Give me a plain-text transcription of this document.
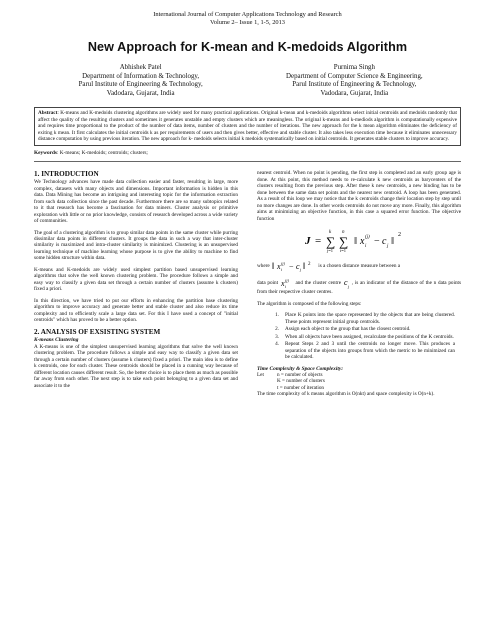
International Journal of Computer Applications Technology and Research
Volume 2– Issue 1, 1-5, 2013
New Approach for K-mean and K-medoids Algorithm
Abhishek Patel
Department of Information & Technology,
Parul Institute of Engineering & Technology,
Vadodara, Gujarat, India
Purnima Singh
Department of Computer Science & Engineering,
Parul Institute of Engineering & Technology,
Vadodara, Gujarat, India
Abstract: K-means and K-medoids clustering algorithms are widely used for many practical applications. Original k-mean and k-medoids algorithms select initial centroids and medoids randomly that affect the quality of the resulting clusters and sometimes it generates unstable and empty clusters which are meaningless. The original k-means and k-mediods algorithm is computationally expensive and requires time proportional to the product of the number of data items, number of clusters and the number of iterations. The new approach for the k mean algorithm eliminates the deficiency of exiting k mean. It first calculates the initial centroids k as per requirements of users and then gives better, effective and stable cluster. It also takes less execution time because it eliminates unnecessary distance computation by using previous iteration. The new approach for k- medoids selects initial k medoids systematically based on initial centroids. It generates stable clusters to improve accuracy.
Keywords: K-means; K-medoids; centroids; clusters;
1. INTRODUCTION

We Technology advances have made data collection easier and faster, resulting in large, more complex, datasets with many objects and dimensions. Important information is hidden in this data. Data Mining has become an intriguing and interesting topic for the information extraction from such data collection since the past decade. Furthermore there are so many subtopics related to it that research has become a fascination for data miners. Cluster analysis or primitive exploration with little or no prior knowledge, consists of research developed across a wide variety of communities.

The goal of a clustering algorithm is to group similar data points in the same cluster while purring dissimilar data points in different clusters. It groups the data in such a way that inter-cluster similarity is maximized and intra-cluster similarity is minimized. Clustering is an unsupervised learning technique of machine learning whose purpose is to give the ability to machine to find some hidden structure within data.

K-means and K-medoids are widely used simplest partition based unsupervised learning algorithms that solve the well known clustering problem. The procedure follows a simple and easy way to classify a given data set through a certain number of clusters (assume k clusters) fixed a priori.

In this direction, we have tried to put our efforts in enhancing the partition base clustering algorithm to improve accuracy and generate better and stable cluster and also reduce its time complexity and to efficiently scale a large data set. For this I have used a concept of "initial centroids" which has proved to be a better option.

2. ANALYSIS OF EXSISTING SYSTEM
K-means Clustering

A K-means is one of the simplest unsupervised learning algorithms that solve the well known clustering problem. The procedure follows a simple and easy way to classify a given data set through a certain number of clusters (assume k clusters) fixed a priori. The main idea is to define k centroids, one for each cluster. These centroids should be placed in a cunning way because of different location causes different result. So, the better choice is to place them as much as possible far away from each other. The next step is to take each point belonging to a given data set and associate it to the

nearest centroid. When no point is pending, the first step is completed and an early group age is done. At this point, this method needs to re-calculate k new centroids as barycenters of the clusters resulting from the previous step. After these k new centroids, a new binding has to be done between the same data set points and the nearest new centroid. A loop has been generated. As a result of this loop we may notice that the k centroids change their location step by step until no more changes are done. In other words centroids do not move any more. Finally, this algorithm aims at minimizing an objective function, in this case a squared error function. The objective function

J =
k
∑
j=1
n
∑
i=1
‖ x (j)
i − c j ‖ 2

where ‖ x (j)
i − c j ‖ 2 is a chosen distance measure between a

data point x (j)
i
and the cluster centre c j
, is an indicator of the distance of the n data points from their respective cluster centres.

The algorithm is composed of the following steps:

1.	Place K points into the space represented by the objects that are being clustered. These points represent initial group centroids.
2.	Assign each object to the group that has the closest centroid.
3.	When all objects have been assigned, recalculate the positions of the K centroids.
4.	Repeat Steps 2 and 3 until the centroids no longer move. This produces a separation of the objects into groups from which the metric to be minimized can be calculated.
Time Complexity & Space Complexity:
Let	n = number of objects
K = number of clusters
t = number of iteration

The time complexity of k means algorithm is O(nkt) and space complexity is O(n+k).
